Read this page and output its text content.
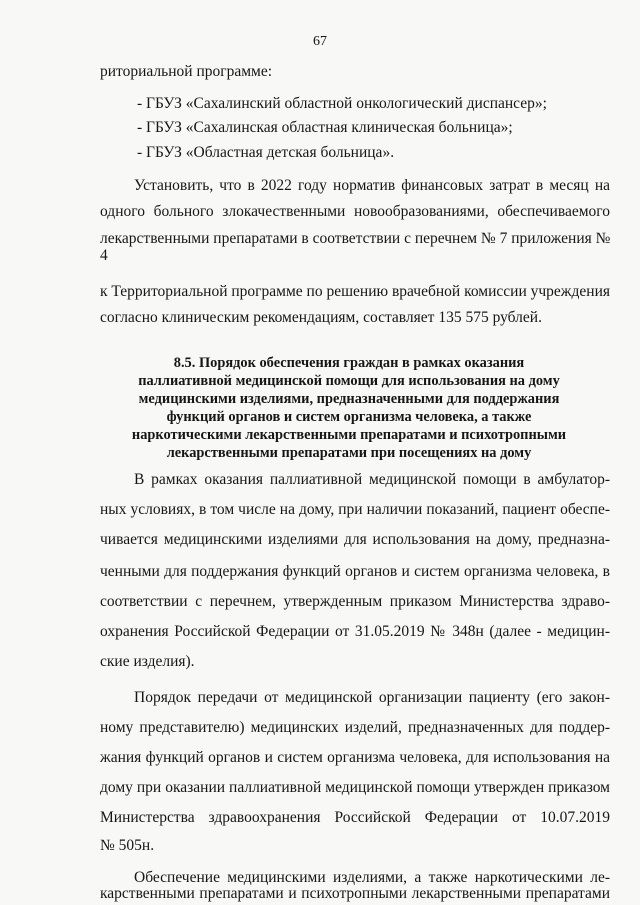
67
риториальной программе:
- ГБУЗ «Сахалинский областной онкологический диспансер»;
- ГБУЗ «Сахалинская областная клиническая больница»;
- ГБУЗ «Областная детская больница».
Установить, что в 2022 году норматив финансовых затрат в месяц на
одного больного злокачественными новообразованиями, обеспечиваемого
лекарственными препаратами в соответствии с перечнем № 7 приложения №
4
к Территориальной программе по решению врачебной комиссии учреждения
согласно клиническим рекомендациям, составляет 135 575 рублей.
8.5. Порядок обеспечения граждан в рамках оказания
паллиативной медицинской помощи для использования на дому
медицинскими изделиями, предназначенными для поддержания
функций органов и систем организма человека, а также
наркотическими лекарственными препаратами и психотропными
лекарственными препаратами при посещениях на дому
В рамках оказания паллиативной медицинской помощи в амбулатор-
ных условиях, в том числе на дому, при наличии показаний, пациент обеспе-
чивается медицинскими изделиями для использования на дому, предназна-
ченными для поддержания функций органов и систем организма человека, в
соответствии с перечнем, утвержденным приказом Министерства здраво-
охранения Российской Федерации от 31.05.2019 № 348н (далее - медицин-
ские изделия).
Порядок передачи от медицинской организации пациенту (его закон-
ному представителю) медицинских изделий, предназначенных для поддер-
жания функций органов и систем организма человека, для использования на
дому при оказании паллиативной медицинской помощи утвержден приказом
Министерства здравоохранения Российской Федерации от 10.07.2019
№ 505н.
Обеспечение медицинскими изделиями, а также наркотическими ле-
карственными препаратами и психотропными лекарственными препаратами
